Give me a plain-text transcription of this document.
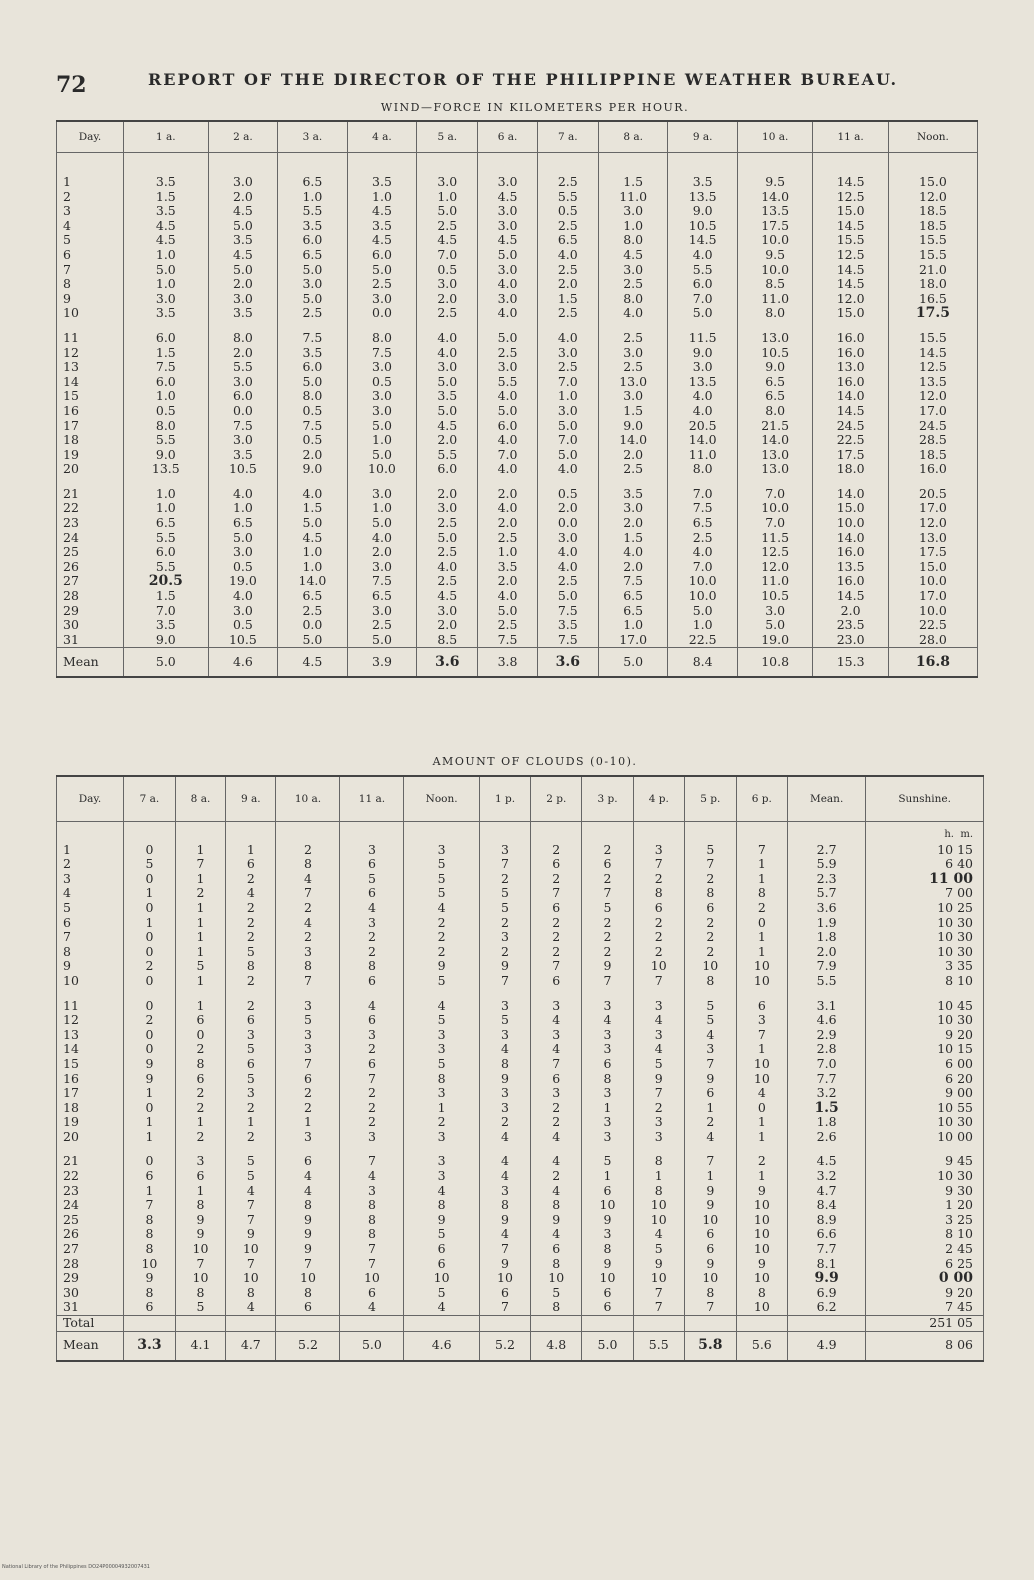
72	REPORT OF THE DIRECTOR OF THE PHILIPPINE WEATHER BUREAU.
WIND—FORCE IN KILOMETERS PER HOUR.
Day.	1 a.	2 a.	3 a.	4 a.	5 a.	6 a.	7 a.	8 a.	9 a.	10 a.	11 a.	Noon.
1	3.5	3.0	6.5	3.5	3.0	3.0	2.5	1.5	3.5	9.5	14.5	15.0
2	1.5	2.0	1.0	1.0	1.0	4.5	5.5	11.0	13.5	14.0	12.5	12.0
3	3.5	4.5	5.5	4.5	5.0	3.0	0.5	3.0	9.0	13.5	15.0	18.5
4	4.5	5.0	3.5	3.5	2.5	3.0	2.5	1.0	10.5	17.5	14.5	18.5
5	4.5	3.5	6.0	4.5	4.5	4.5	6.5	8.0	14.5	10.0	15.5	15.5
6	1.0	4.5	6.5	6.0	7.0	5.0	4.0	4.5	4.0	9.5	12.5	15.5
7	5.0	5.0	5.0	5.0	0.5	3.0	2.5	3.0	5.5	10.0	14.5	21.0
8	1.0	2.0	3.0	2.5	3.0	4.0	2.0	2.5	6.0	8.5	14.5	18.0
9	3.0	3.0	5.0	3.0	2.0	3.0	1.5	8.0	7.0	11.0	12.0	16.5
10	3.5	3.5	2.5	0.0	2.5	4.0	2.5	4.0	5.0	8.0	15.0	17.5

11	6.0	8.0	7.5	8.0	4.0	5.0	4.0	2.5	11.5	13.0	16.0	15.5
12	1.5	2.0	3.5	7.5	4.0	2.5	3.0	3.0	9.0	10.5	16.0	14.5
13	7.5	5.5	6.0	3.0	3.0	3.0	2.5	2.5	3.0	9.0	13.0	12.5
14	6.0	3.0	5.0	0.5	5.0	5.5	7.0	13.0	13.5	6.5	16.0	13.5
15	1.0	6.0	8.0	3.0	3.5	4.0	1.0	3.0	4.0	6.5	14.0	12.0
16	0.5	0.0	0.5	3.0	5.0	5.0	3.0	1.5	4.0	8.0	14.5	17.0
17	8.0	7.5	7.5	5.0	4.5	6.0	5.0	9.0	20.5	21.5	24.5	24.5
18	5.5	3.0	0.5	1.0	2.0	4.0	7.0	14.0	14.0	14.0	22.5	28.5
19	9.0	3.5	2.0	5.0	5.5	7.0	5.0	2.0	11.0	13.0	17.5	18.5
20	13.5	10.5	9.0	10.0	6.0	4.0	4.0	2.5	8.0	13.0	18.0	16.0

21	1.0	4.0	4.0	3.0	2.0	2.0	0.5	3.5	7.0	7.0	14.0	20.5
22	1.0	1.0	1.5	1.0	3.0	4.0	2.0	3.0	7.5	10.0	15.0	17.0
23	6.5	6.5	5.0	5.0	2.5	2.0	0.0	2.0	6.5	7.0	10.0	12.0
24	5.5	5.0	4.5	4.0	5.0	2.5	3.0	1.5	2.5	11.5	14.0	13.0
25	6.0	3.0	1.0	2.0	2.5	1.0	4.0	4.0	4.0	12.5	16.0	17.5
26	5.5	0.5	1.0	3.0	4.0	3.5	4.0	2.0	7.0	12.0	13.5	15.0
27	20.5	19.0	14.0	7.5	2.5	2.0	2.5	7.5	10.0	11.0	16.0	10.0
28	1.5	4.0	6.5	6.5	4.5	4.0	5.0	6.5	10.0	10.5	14.5	17.0
29	7.0	3.0	2.5	3.0	3.0	5.0	7.5	6.5	5.0	3.0	2.0	10.0
30	3.5	0.5	0.0	2.5	2.0	2.5	3.5	1.0	1.0	5.0	23.5	22.5
31	9.0	10.5	5.0	5.0	8.5	7.5	7.5	17.0	22.5	19.0	23.0	28.0
Mean	5.0	4.6	4.5	3.9	3.6	3.8	3.6	5.0	8.4	10.8	15.3	16.8
AMOUNT OF CLOUDS (0-10).
Day.	7 a.	8 a.	9 a.	10 a.	11 a.	Noon.	1 p.	2 p.	3 p.	4 p.	5 p.	6 p.	Mean.	Sunshine.
														h.  m.
1	0	1	1	2	3	3	3	2	2	3	5	7	2.7	10 15
2	5	7	6	8	6	5	7	6	6	7	7	1	5.9	6 40
3	0	1	2	4	5	5	2	2	2	2	2	1	2.3	11 00
4	1	2	4	7	6	5	5	7	7	8	8	8	5.7	7 00
5	0	1	2	2	4	4	5	6	5	6	6	2	3.6	10 25
6	1	1	2	4	3	2	2	2	2	2	2	0	1.9	10 30
7	0	1	2	2	2	2	3	2	2	2	2	1	1.8	10 30
8	0	1	5	3	2	2	2	2	2	2	2	1	2.0	10 30
9	2	5	8	8	8	9	9	7	9	10	10	10	7.9	3 35
10	0	1	2	7	6	5	7	6	7	7	8	10	5.5	8 10

11	0	1	2	3	4	4	3	3	3	3	5	6	3.1	10 45
12	2	6	6	5	6	5	5	4	4	4	5	3	4.6	10 30
13	0	0	3	3	3	3	3	3	3	3	4	7	2.9	9 20
14	0	2	5	3	2	3	4	4	3	4	3	1	2.8	10 15
15	9	8	6	7	6	5	8	7	6	5	7	10	7.0	6 00
16	9	6	5	6	7	8	9	6	8	9	9	10	7.7	6 20
17	1	2	3	2	2	3	3	3	3	7	6	4	3.2	9 00
18	0	2	2	2	2	1	3	2	1	2	1	0	1.5	10 55
19	1	1	1	1	2	2	2	2	3	3	2	1	1.8	10 30
20	1	2	2	3	3	3	4	4	3	3	4	1	2.6	10 00

21	0	3	5	6	7	3	4	4	5	8	7	2	4.5	9 45
22	6	6	5	4	4	3	4	2	1	1	1	1	3.2	10 30
23	1	1	4	4	3	4	3	4	6	8	9	9	4.7	9 30
24	7	8	7	8	8	8	8	8	10	10	9	10	8.4	1 20
25	8	9	7	9	8	9	9	9	9	10	10	10	8.9	3 25
26	8	9	9	9	8	5	4	4	3	4	6	10	6.6	8 10
27	8	10	10	9	7	6	7	6	8	5	6	10	7.7	2 45
28	10	7	7	7	7	6	9	8	9	9	9	9	8.1	6 25
29	9	10	10	10	10	10	10	10	10	10	10	10	9.9	0 00
30	8	8	8	8	6	5	6	5	6	7	8	8	6.9	9 20
31	6	5	4	6	4	4	7	8	6	7	7	10	6.2	7 45
Total														251 05
Mean	3.3	4.1	4.7	5.2	5.0	4.6	5.2	4.8	5.0	5.5	5.8	5.6	4.9	8 06
National Library of the Philippines DO24P00004932007431
